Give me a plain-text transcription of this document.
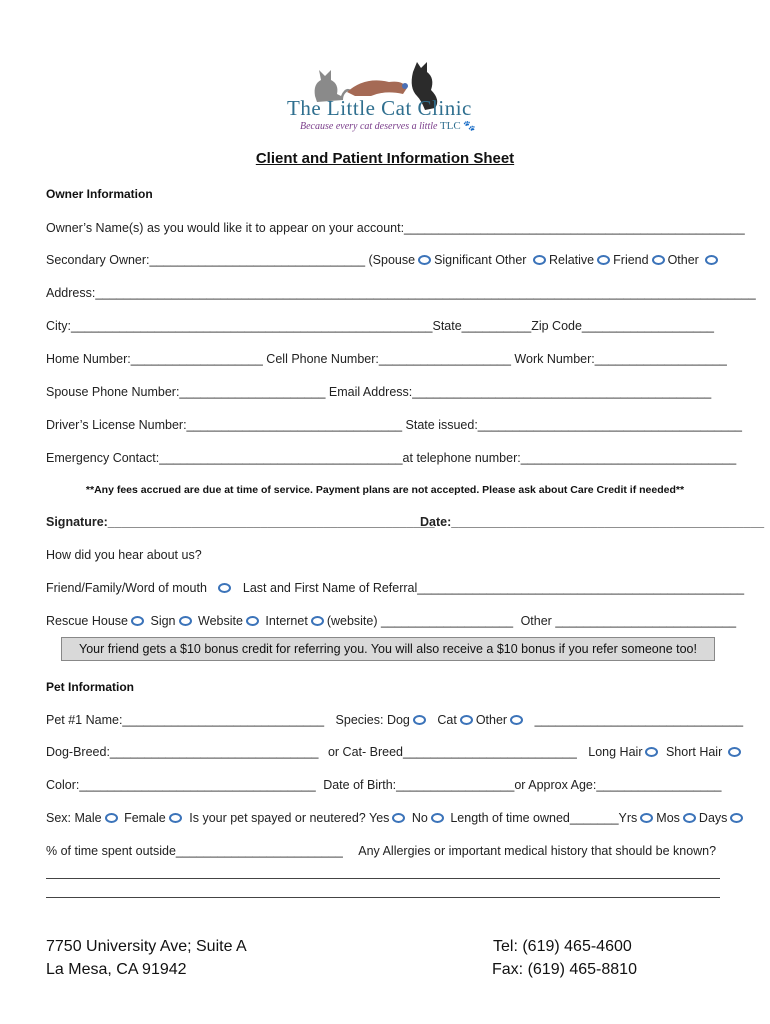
The Little Cat Clinic
Because every cat deserves a little TLC 🐾
Client and Patient Information Sheet
Owner Information
Owner’s Name(s) as you would like it to appear on your account:_________________________________________________
Secondary Owner:_______________________________ (Spouse Significant Other Relative Friend Other
Address:_______________________________________________________________________________________________
City:____________________________________________________State__________Zip Code___________________
Home Number:___________________ Cell Phone Number:___________________ Work Number:___________________
Spouse Phone Number:_____________________ Email Address:___________________________________________
Driver’s License Number:_______________________________ State issued:______________________________________
Emergency Contact:___________________________________at telephone number:_______________________________
**Any fees accrued are due at time of service. Payment plans are not accepted. Please ask about Care Credit if needed**
Signature:_______________________________________________
Date:_____________________________________________
How did you hear about us?
Friend/Family/Word of mouth	Last and First Name of Referral_______________________________________________
Rescue House Sign Website Internet (website) ___________________ Other __________________________
Your friend gets a $10 bonus credit for referring you. You will also receive a $10 bonus if you refer someone too!
Pet Information
Pet #1 Name:_____________________________ Species: Dog Cat Other ______________________________
Dog-Breed:______________________________ or Cat- Breed_________________________ Long Hair Short Hair
Color:__________________________________ Date of Birth:_________________or Approx Age:__________________
Sex: Male Female Is your pet spayed or neutered? Yes No Length of time owned_______Yrs Mos Days
% of time spent outside________________________ Any Allergies or important medical history that should be known?
7750 University Ave; Suite A
La Mesa, CA 91942
Tel: (619) 465-4600
Fax: (619) 465-8810
